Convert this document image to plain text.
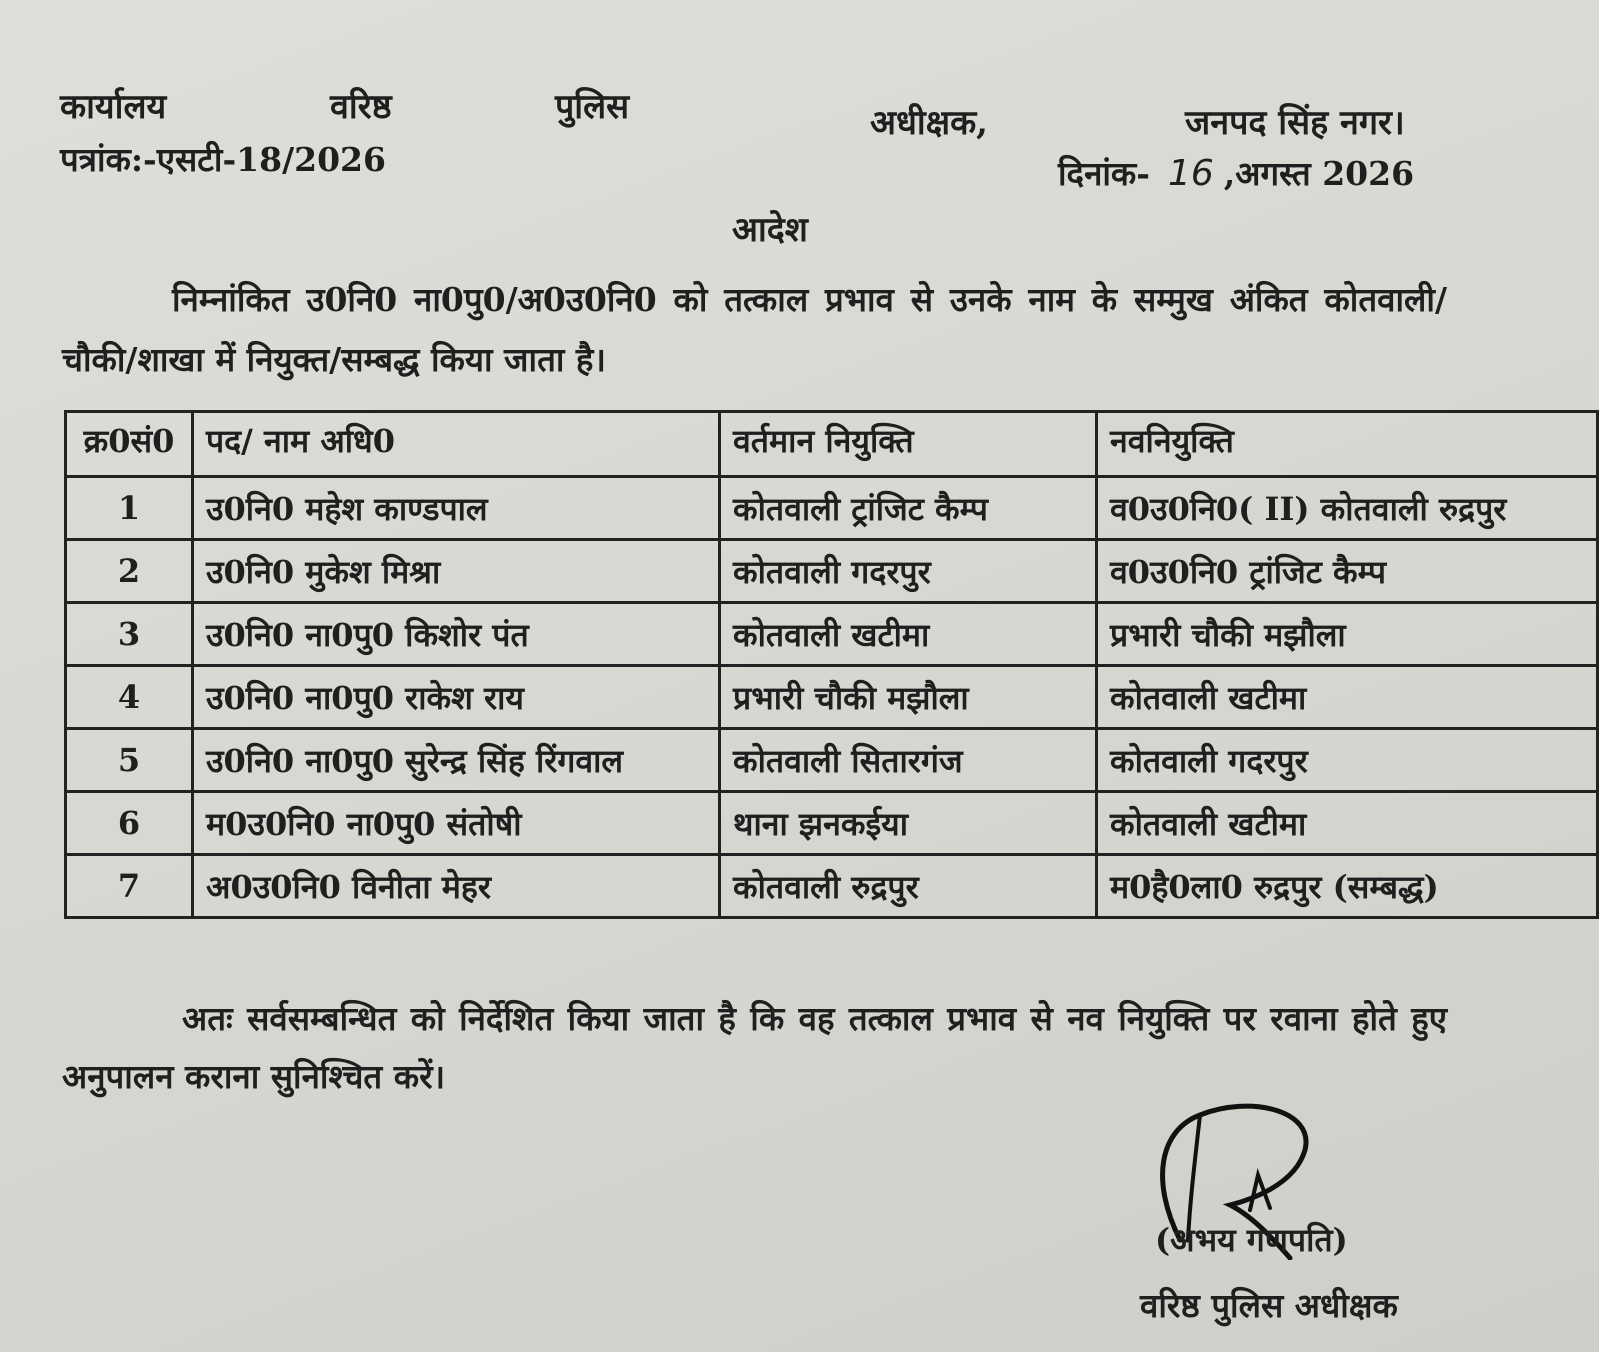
कार्यालय	वरिष्ठ	पुलिस	अधीक्षक,	जनपद सिंह नगर।
पत्रांक:-एसटी-18/2026	दिनांक- 16 ,अगस्त 2026
आदेश
निम्नांकित उ0नि0 ना0पु0/अ0उ0नि0 को तत्काल प्रभाव से उनके नाम के सम्मुख अंकित कोतवाली/चौकी/शाखा में नियुक्त/सम्बद्ध किया जाता है।
क्र0सं0	पद/ नाम अधि0	वर्तमान नियुक्ति	नवनियुक्ति
1	उ0नि0 महेश काण्डपाल	कोतवाली ट्रांजिट कैम्प	व0उ0नि0( II) कोतवाली रुद्रपुर
2	उ0नि0 मुकेश मिश्रा	कोतवाली गदरपुर	व0उ0नि0 ट्रांजिट कैम्प
3	उ0नि0 ना0पु0 किशोर पंत	कोतवाली खटीमा	प्रभारी चौकी मझौला
4	उ0नि0 ना0पु0 राकेश राय	प्रभारी चौकी मझौला	कोतवाली खटीमा
5	उ0नि0 ना0पु0 सुरेन्द्र सिंह रिंगवाल	कोतवाली सितारगंज	कोतवाली गदरपुर
6	म0उ0नि0 ना0पु0 संतोषी	थाना झनकईया	कोतवाली खटीमा
7	अ0उ0नि0 विनीता मेहर	कोतवाली रुद्रपुर	म0है0ला0 रुद्रपुर (सम्बद्ध)
अतः सर्वसम्बन्धित को निर्देशित किया जाता है कि वह तत्काल प्रभाव से नव नियुक्ति पर रवाना होते हुए अनुपालन कराना सुनिश्चित करें।
(अभय गणपति)
वरिष्ठ पुलिस अधीक्षक
